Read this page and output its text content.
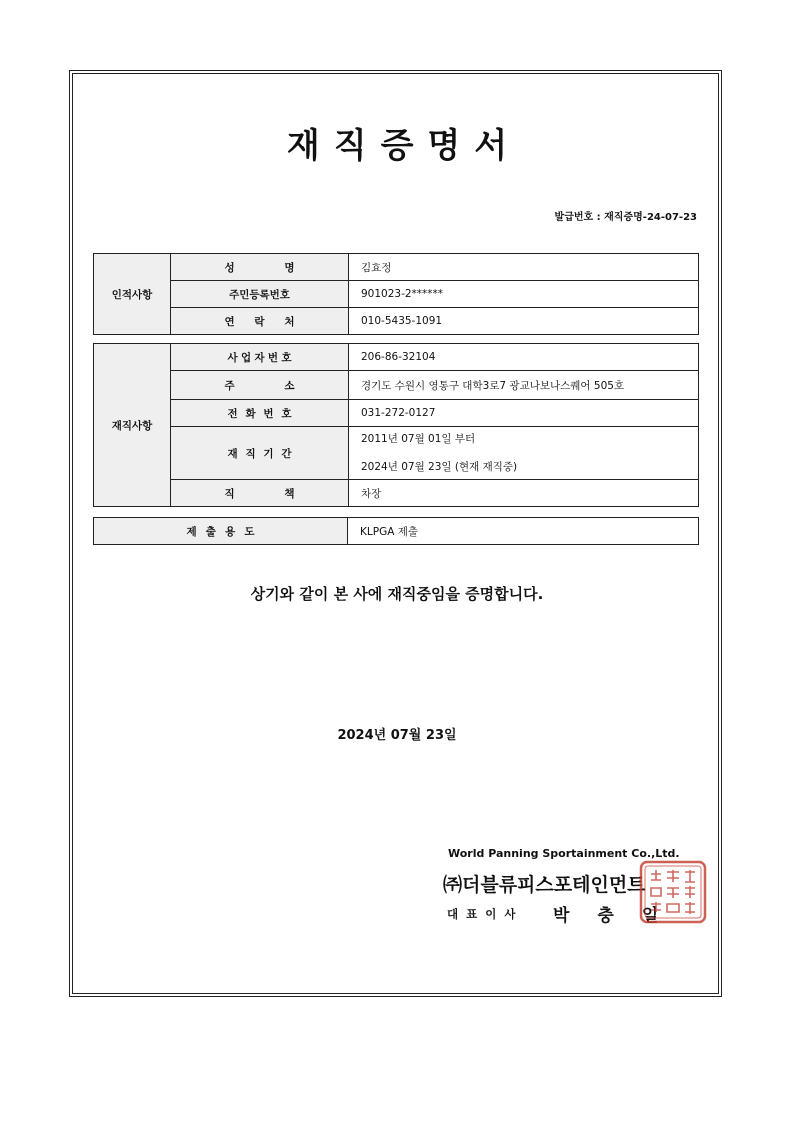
재직증명서
발급번호 : 재직증명-24-07-23
인적사항	성 명	김효정
	주민등록번호	901023-2******

	연 락 처	010-5435-1091
재직사항	사 업 자 번 호	206-86-32104

	주 소	경기도 수원시 영통구 대학3로7 광교나보나스퀘어 505호

	전 화 번 호	031-272-0127

	재 직 기 간	2011년 07월 01일 부터
2024년 07월 23일 (현재 재직중)

	직 책	차장
제 출 용 도	KLPGA 제출
상기와 같이 본 사에 재직중임을 증명합니다.
2024년 07월 23일
World Panning Sportainment Co.,Ltd.
㈜더블류피스포테인먼트
대표이사 박충일
